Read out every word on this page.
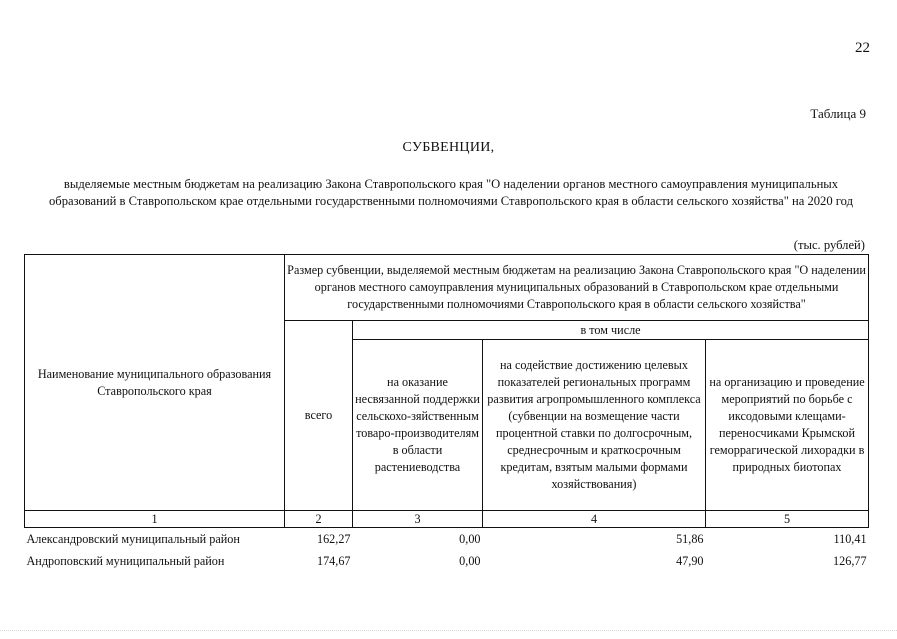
22
Таблица 9
СУБВЕНЦИИ,
выделяемые местным бюджетам на реализацию Закона Ставропольского края "О наделении органов местного самоуправления муниципальных образований в Ставропольском крае отдельными государственными полномочиями Ставропольского края в области сельского хозяйства" на 2020 год
(тыс. рублей)
Наименование муниципального образования Ставропольского края	Размер субвенции, выделяемой местным бюджетам на реализацию Закона Ставропольского края "О наделении органов местного самоуправления муниципальных образований в Ставропольском крае отдельными государственными полномочиями Ставропольского края в области сельского хозяйства"			
	всего	в том числе		
		на оказание несвязанной поддержки сельскохо-зяйственным товаро-производителям в области растениеводства	на содействие достижению целевых показателей региональных программ развития агропромышленного комплекса (субвенции на возмещение части процентной ставки по долгосрочным, среднесрочным и краткосрочным кредитам, взятым малыми формами хозяйствования)	на организацию и проведение мероприятий по борьбе с иксодовыми клещами-переносчиками Крымской геморрагической лихорадки в природных биотопах
1	2	3	4	5
Александровский муниципальный район	162,27	0,00	51,86	110,41
Андроповский муниципальный район	174,67	0,00	47,90	126,77
